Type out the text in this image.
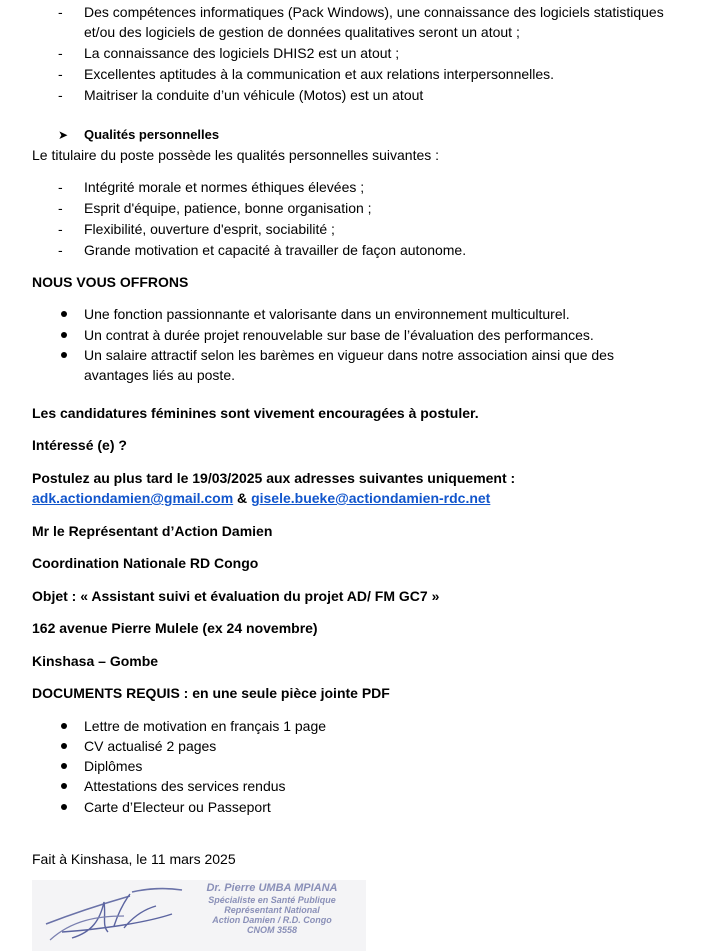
-	Des compétences informatiques (Pack Windows), une connaissance des logiciels statistiques
et/ou des logiciels de gestion de données qualitatives seront un atout ;
-	La connaissance des logiciels DHIS2 est un atout ;
-	Excellentes aptitudes à la communication et aux relations interpersonnelles.
-	Maitriser la conduite d’un véhicule (Motos) est un atout
➤ Qualités personnelles
Le titulaire du poste possède les qualités personnelles suivantes :
-	Intégrité morale et normes éthiques élevées ;
-	Esprit d'équipe, patience, bonne organisation ;
-	Flexibilité, ouverture d'esprit, sociabilité ;
-	Grande motivation et capacité à travailler de façon autonome.
NOUS VOUS OFFRONS
Une fonction passionnante et valorisante dans un environnement multiculturel.
Un contrat à durée projet renouvelable sur base de l’évaluation des performances.
Un salaire attractif selon les barèmes en vigueur dans notre association ainsi que des
avantages liés au poste.
Les candidatures féminines sont vivement encouragées à postuler.
Intéressé (e) ?
Postulez au plus tard le 19/03/2025 aux adresses suivantes uniquement :
adk.actiondamien@gmail.com & gisele.bueke@actiondamien-rdc.net
Mr le Représentant d’Action Damien
Coordination Nationale RD Congo
Objet : « Assistant suivi et évaluation du projet AD/ FM GC7 »
162 avenue Pierre Mulele (ex 24 novembre)
Kinshasa – Gombe
DOCUMENTS REQUIS : en une seule pièce jointe PDF
Lettre de motivation en français 1 page
CV actualisé 2 pages
Diplômes
Attestations des services rendus
Carte d’Electeur ou Passeport
Fait à Kinshasa, le 11 mars 2025
Dr. Pierre UMBA MPIANA
Spécialiste en Santé Publique
Représentant National
Action Damien / R.D. Congo
CNOM 3558
